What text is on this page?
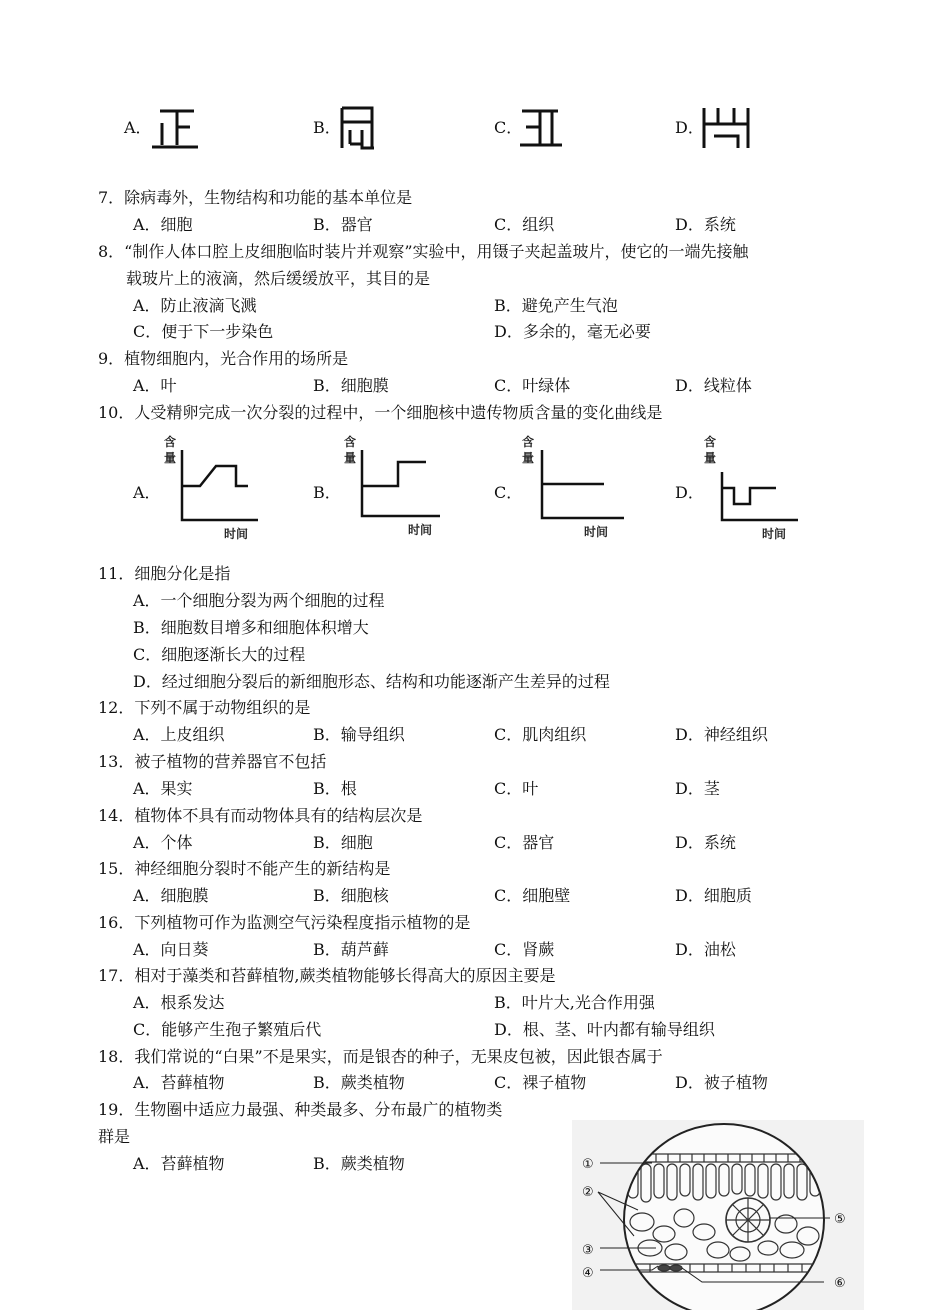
A．	B．	C．	D．
7．除病毒外，生物结构和功能的基本单位是
A．细胞	B．器官	C．组织	D．系统
8．“制作人体口腔上皮细胞临时装片并观察”实验中，用镊子夹起盖玻片，使它的一端先接触
载玻片上的液滴，然后缓缓放平，其目的是
A．防止液滴飞溅	B．避免产生气泡
C．便于下一步染色	D．多余的，毫无必要
9．植物细胞内，光合作用的场所是
A．叶	B．细胞膜	C．叶绿体	D．线粒体
10．人受精卵完成一次分裂的过程中，一个细胞核中遗传物质含量的变化曲线是
A．
含
量
时间
B．
含
量
时间
C．
含
量
时间
D．
含
量
时间
11．细胞分化是指
A．一个细胞分裂为两个细胞的过程
B．细胞数目增多和细胞体积增大
C．细胞逐渐长大的过程
D．经过细胞分裂后的新细胞形态、结构和功能逐渐产生差异的过程
12．下列不属于动物组织的是
A．上皮组织	B．输导组织	C．肌肉组织	D．神经组织
13．被子植物的营养器官不包括
A．果实	B．根	C．叶	D．茎
14．植物体不具有而动物体具有的结构层次是
A．个体	B．细胞	C．器官	D．系统
15．神经细胞分裂时不能产生的新结构是
A．细胞膜	B．细胞核	C．细胞壁	D．细胞质
16．下列植物可作为监测空气污染程度指示植物的是
A．向日葵	B．葫芦藓	C．肾蕨	D．油松
17．相对于藻类和苔藓植物,蕨类植物能够长得高大的原因主要是
A．根系发达	B．叶片大,光合作用强
C．能够产生孢子繁殖后代	D．根、茎、叶内都有输导组织
18．我们常说的“白果”不是果实，而是银杏的种子，无果皮包被，因此银杏属于
A．苔藓植物	B．蕨类植物	C．裸子植物	D．被子植物
19．生物圈中适应力最强、种类最多、分布最广的植物类
群是
A．苔藓植物	B．蕨类植物	①
②
③
④
⑤
⑥
